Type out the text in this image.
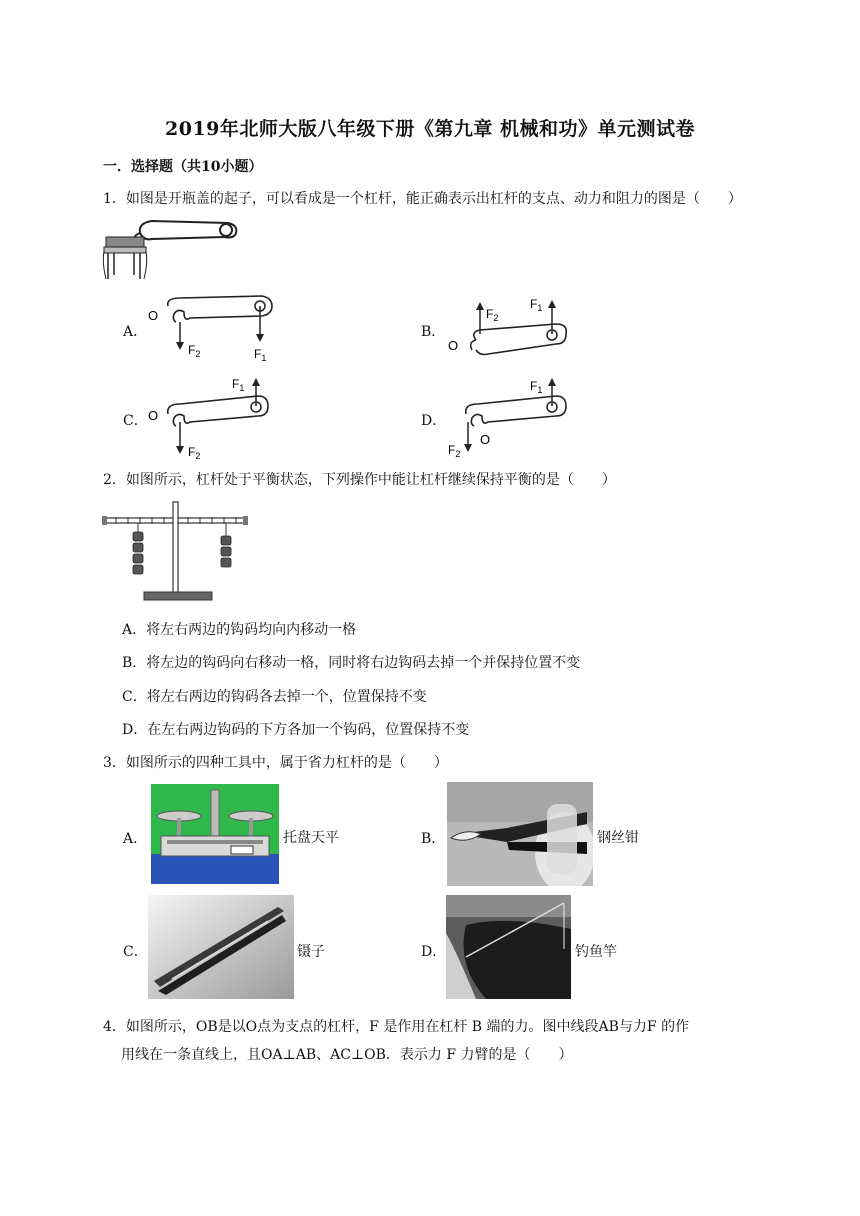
2019年北师大版八年级下册《第九章 机械和功》单元测试卷
一．选择题（共10小题）
1．如图是开瓶盖的起子，可以看成是一个杠杆，能正确表示出杠杆的支点、动力和阻力的图是（　　）
A．
O
$F_2$	$F_1$
B．
O
$F_2$
$F_1$
C． O
$F_1$
$F_2$
D．
$F_1$
$F_2$
O
2．如图所示，杠杆处于平衡状态，下列操作中能让杠杆继续保持平衡的是（　　）
A．将左右两边的钩码均向内移动一格
B．将左边的钩码向右移动一格，同时将右边钩码去掉一个并保持位置不变
C．将左右两边的钩码各去掉一个，位置保持不变
D．在左右两边钩码的下方各加一个钩码，位置保持不变
3．如图所示的四种工具中，属于省力杠杆的是（　　）
A．	托盘天平	B．	钢丝钳
C．	镊子	D．	钓鱼竿
4．如图所示，OB是以O点为支点的杠杆，F 是作用在杠杆 B 端的力。图中线段AB与力F 的作
用线在一条直线上，且OA⊥AB、AC⊥OB．表示力 F 力臂的是（　　）
